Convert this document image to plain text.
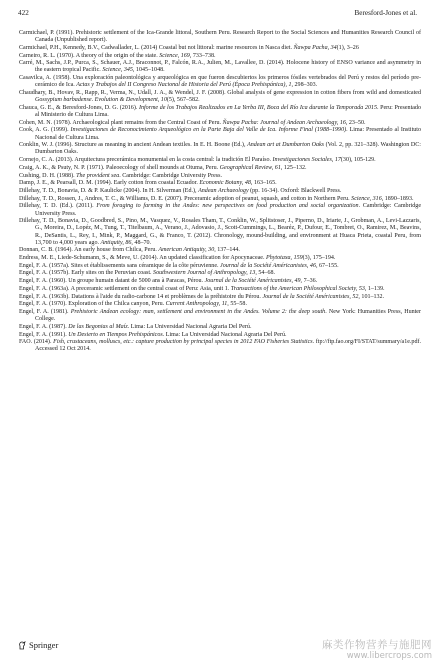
422	Beresford-Jones et al.

Carmichael, P. (1991). Prehistoric settlement of the Ica-Grande littoral, Southern Peru. Research Report to the Social Sciences and Humanities Research Council of Canada (Unpublished report).

Carmichael, P.H., Kennedy, B.V., Cadwallader, L. (2014) Coastal but not littoral: marine resources in Nasca diet. Ñawpa Pacha, 34(1), 3–26

Carneiro, R. L. (1970). A theory of the origin of the state. Science, 169, 733–738.

Carré, M., Sachs, J.P., Purca, S., Schauer, A.J., Braconnot, P., Falcón, R.A., Julien, M., Lavallee, D. (2014). Holocene history of ENSO variance and asymmetry in the eastern tropical Pacific. Science, 345, 1045–1048.

Casavilca, A. (1958). Una exploración paleontológica y arqueológica en que fueron descubiertos los primeros fósiles vertebrados del Perú y restos del período pre-cerámico de Ica. Actas y Trabajos del II Congreso Nacional de Historia del Perú (Época Prehispánica), 1, 298–303.

Chaudhary, B., Hovav, R., Rapp, R., Verma, N., Udall, J. A., & Wendel, J. F. (2008). Global analysis of gene expression in cotton fibers from wild and domesticated Gossypium barbadense. Evolution & Development, 10(5), 567–582.

Chauca, G. E., & Beresford-Jones, D. G. (2016). Informe de los Trabajos Realizados en La Yerba III, Boca del Río Ica durante la Temporada 2015. Peru: Presentado al Ministerio de Cultura Lima.

Cohen, M. N. (1978). Archaeological plant remains from the Central Coast of Peru. Ñawpa Pacha: Journal of Andean Archaeology, 16, 23–50.

Cook, A. G. (1999). Investigaciones de Reconocimiento Arqueológico en la Parte Baja del Valle de Ica. Informe Final (1988–1990). Lima: Presentado al Instituto Nacional de Cultura Lima.

Conklin, W. J. (1996). Structure as meaning in ancient Andean textiles. In E. H. Boone (Ed.), Andean art at Dumbarton Oaks (Vol. 2, pp. 321–328). Washington DC: Dumbarton Oaks.

Cornejo, C. A. (2013). Arquitectura precerámica monumental en la costa central: la tradición El Paraíso. Investigaciones Sociales, 17(30), 105-129.

Craig, A. K., & Psuty, N. P. (1971). Paleoecology of shell mounds at Otuma, Peru. Geographical Review, 61, 125–132.

Cushing, D. H. (1988). The provident sea. Cambridge: Cambridge University Press.

Damp, J. E., & Pearsall, D. M. (1994). Early cotton from coastal Ecuador. Economic Botany, 48, 163–165.

Dillehay, T. D., Bonavia, D. & P. Kaulicke (2004). In H. Silverman (Ed.), Andean Archaeology (pp. 16-34). Oxford: Blackwell Press.

Dillehay, T. D., Rossen, J., Andres, T. C., & Williams, D. E. (2007). Preceramic adoption of peanut, squash, and cotton in Northern Peru. Science, 316, 1890–1893.

Dillehay, T. D. (Ed.). (2011). From foraging to farming in the Andes: new perspectives on food production and social organization. Cambridge: Cambridge University Press.

Dillehay, T. D., Bonavia, D., Goodbred, S., Pino, M., Vasquez, V., Rosales Tham, T., Conklin, W., Splitstoser, J., Piperno, D., Iriarte, J., Grobman, A., Levi-Lazzaris, G., Moreira, D., Lopéz, M., Tung, T., Titelbaum, A., Verano, J., Adovasio, J., Scott-Cummings, L., Bearéz, P., Dufour, E., Tombret, O., Ramirez, M., Beavins, R., DeSantis, L., Rey, I., Mink, P., Maggard, G., & Franco, T. (2012). Chronology, mound-building, and environment at Huaca Prieta, coastal Peru, from 13,700 to 4,000 years ago. Antiquity, 86, 48–70.

Donnan, C. B. (1964). An early house from Chilca, Peru. American Antiquity, 30, 137–144.

Endress, M. E., Liede-Schumann, S., & Meve, U. (2014). An updated classification for Apocynaceae. Phytotaxa, 159(3), 175–194.

Engel, F. A. (1957a). Sites et établissements sans céramique de la côte péruvienne. Journal de la Société Américanistes, 46, 67–155.

Engel, F. A. (1957b). Early sites on the Peruvian coast. Southwestern Journal of Anthropology, 13, 54–68.

Engel, F. A. (1960). Un groupe humain datant de 5000 ans à Paracas, Pérou. Journal de la Société Américanistes, 49, 7–36.

Engel, F. A. (1963a). A preceramic settlement on the central coast of Peru: Asia, unit 1. Transactions of the American Philosophical Society, 53, 1–139.

Engel, F. A. (1963b). Datations à l'aide du radio-carbone 14 et problèmes de la préhistoire du Pérou. Journal de la Société Américanistes, 52, 101–132.

Engel, F. A. (1970). Exploration of the Chilca canyon, Peru. Current Anthropology, 11, 55–58.

Engel, F. A. (1981). Prehistoric Andean ecology: man, settlement and environment in the Andes. Volume 2: the deep south. New York: Humanities Press, Hunter College.

Engel, F. A. (1987). De las Begonias al Maíz. Lima: La Universidad Nacional Agraria Del Perú.

Engel, F. A. (1991). Un Desierto en Tiempos Prehispánicos. Lima: La Universidad Nacional Agraria Del Perú.

FAO. (2014). Fish, crustaceans, molluscs, etc.: capture production by principal species in 2012 FAO Fisheries Statistics. ftp://ftp.fao.org/FI/STAT/summary/a1e.pdf. Accessed 12 Oct 2014.

Springer	麻类作物营养与施肥网
www.libercrops.com
